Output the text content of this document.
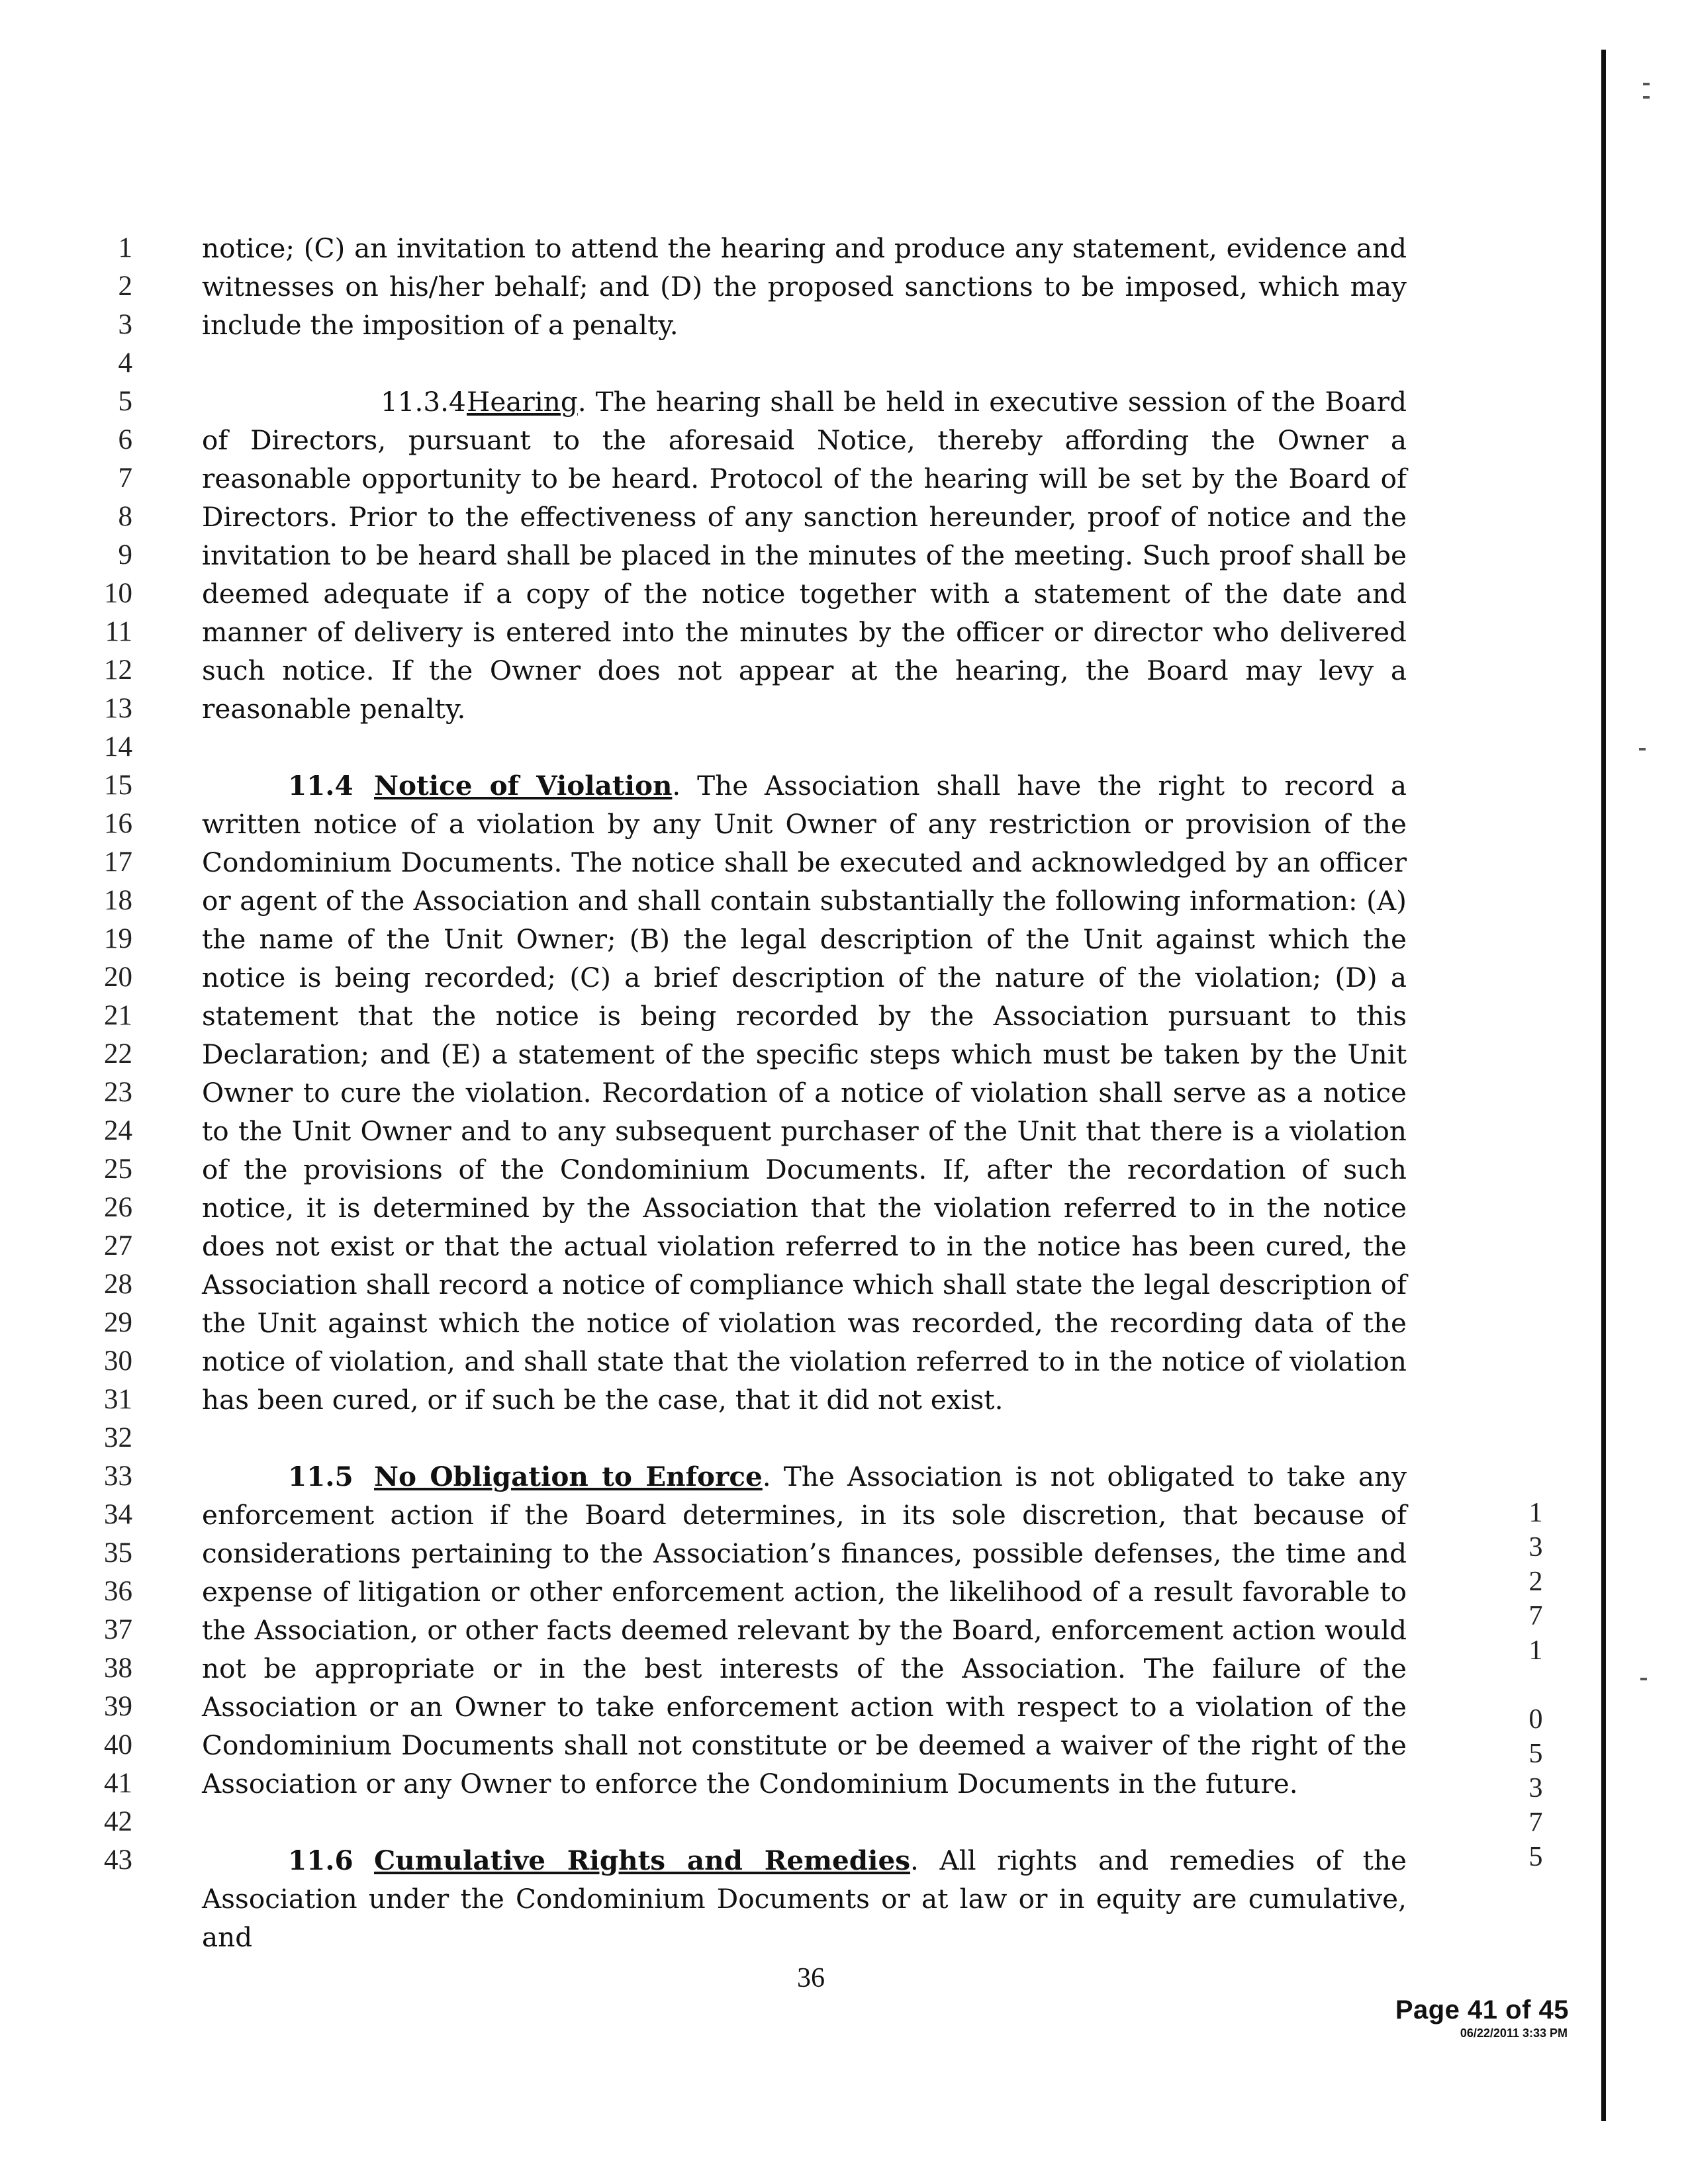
1
2
3
4
5
6
7
8
9
10
11
12
13
14
15
16
17
18
19
20
21
22
23
24
25
26
27
28
29
30
31
32
33
34
35
36
37
38
39
40
41
42
43

notice; (C) an invitation to attend the hearing and produce any statement, evidence and witnesses on his/her behalf; and (D) the proposed sanctions to be imposed, which may include the imposition of a penalty.

11.3.4Hearing. The hearing shall be held in executive session of the Board of Directors, pursuant to the aforesaid Notice, thereby affording the Owner a reasonable opportunity to be heard. Protocol of the hearing will be set by the Board of Directors. Prior to the effectiveness of any sanction hereunder, proof of notice and the invitation to be heard shall be placed in the minutes of the meeting. Such proof shall be deemed adequate if a copy of the notice together with a statement of the date and manner of delivery is entered into the minutes by the officer or director who delivered such notice. If the Owner does not appear at the hearing, the Board may levy a reasonable penalty.

11.4 Notice of Violation. The Association shall have the right to record a written notice of a violation by any Unit Owner of any restriction or provision of the Condominium Documents. The notice shall be executed and acknowledged by an officer or agent of the Association and shall contain substantially the following information: (A) the name of the Unit Owner; (B) the legal description of the Unit against which the notice is being recorded; (C) a brief description of the nature of the violation; (D) a statement that the notice is being recorded by the Association pursuant to this Declaration; and (E) a statement of the specific steps which must be taken by the Unit Owner to cure the violation. Recordation of a notice of violation shall serve as a notice to the Unit Owner and to any subsequent purchaser of the Unit that there is a violation of the provisions of the Condominium Documents. If, after the recordation of such notice, it is determined by the Association that the violation referred to in the notice does not exist or that the actual violation referred to in the notice has been cured, the Association shall record a notice of compliance which shall state the legal description of the Unit against which the notice of violation was recorded, the recording data of the notice of violation, and shall state that the violation referred to in the notice of violation has been cured, or if such be the case, that it did not exist.

11.5 No Obligation to Enforce. The Association is not obligated to take any enforcement action if the Board determines, in its sole discretion, that because of considerations pertaining to the Association’s finances, possible defenses, the time and expense of litigation or other enforcement action, the likelihood of a result favorable to the Association, or other facts deemed relevant by the Board, enforcement action would not be appropriate or in the best interests of the Association. The failure of the Association or an Owner to take enforcement action with respect to a violation of the Condominium Documents shall not constitute or be deemed a waiver of the right of the Association or any Owner to enforce the Condominium Documents in the future.

11.6 Cumulative Rights and Remedies. All rights and remedies of the Association under the Condominium Documents or at law or in equity are cumulative, and

36
Page 41 of 45
06/22/2011 3:33 PM
1
3
2
7
1
0
5
3
7
5
